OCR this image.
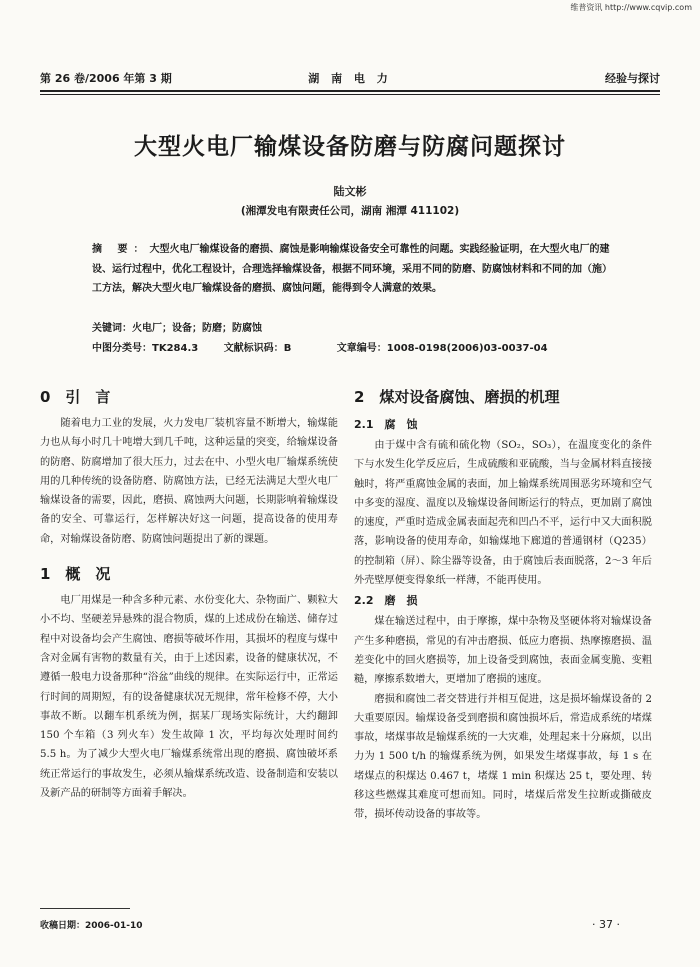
维普资讯 http://www.cqvip.com
第 26 卷/2006 年第 3 期	湖 南 电 力	经验与探讨
大型火电厂输煤设备防磨与防腐问题探讨
陆文彬
(湘潭发电有限责任公司，湖南 湘潭 411102)
摘 要：大型火电厂输煤设备的磨损、腐蚀是影响输煤设备安全可靠性的问题。实践经验证明，在大型火电厂的建设、运行过程中，优化工程设计，合理选择输煤设备，根据不同环境，采用不同的防磨、防腐蚀材料和不同的加（施）工方法，解决大型火电厂输煤设备的磨损、腐蚀问题，能得到令人满意的效果。
关键词：火电厂；设备；防磨；防腐蚀
中图分类号：TK284.3	文献标识码：B	文章编号：1008-0198(2006)03-0037-04
0　引　言

随着电力工业的发展，火力发电厂装机容量不断增大，输煤能力也从每小时几十吨增大到几千吨，这种运量的突变，给输煤设备的防磨、防腐增加了很大压力，过去在中、小型火电厂输煤系统使用的几种传统的设备防磨、防腐蚀方法，已经无法满足大型火电厂输煤设备的需要，因此，磨损、腐蚀两大问题，长期影响着输煤设备的安全、可靠运行，怎样解决好这一问题，提高设备的使用寿命，对输煤设备防磨、防腐蚀问题提出了新的课题。

1　概　况

电厂用煤是一种含多种元素、水份变化大、杂物面广、颗粒大小不均、坚硬差异悬殊的混合物质，煤的上述成份在输送、储存过程中对设备均会产生腐蚀、磨损等破坏作用，其损坏的程度与煤中含对金属有害物的数量有关，由于上述因素，设备的健康状况，不遵循一般电力设备那种“浴盆”曲线的规律。在实际运行中，正常运行时间的周期短，有的设备健康状况无规律，常年检修不停，大小事故不断。以翻车机系统为例，据某厂现场实际统计，大约翻卸 150 个车箱（3 列火车）发生故障 1 次，平均每次处理时间约 5.5 h。为了减少大型火电厂输煤系统常出现的磨损、腐蚀破坏系统正常运行的事故发生，必须从输煤系统改造、设备制造和安装以及新产品的研制等方面着手解决。

2　煤对设备腐蚀、磨损的机理
2.1　腐　蚀

由于煤中含有硫和硫化物（SO₂，SO₃），在温度变化的条件下与水发生化学反应后，生成硫酸和亚硫酸，当与金属材料直接接触时，将严重腐蚀金属的表面，加上输煤系统周围恶劣环境和空气中多变的湿度、温度以及输煤设备间断运行的特点，更加剧了腐蚀的速度，严重时造成金属表面起壳和凹凸不平，运行中又大面积脱落，影响设备的使用寿命，如输煤地下廊道的普通钢材（Q235）的控制箱（屏）、除尘器等设备，由于腐蚀后表面脱落，2～3 年后外壳壁厚便变得象纸一样薄，不能再使用。

2.2　磨　损

煤在输送过程中，由于摩擦，煤中杂物及坚硬体将对输煤设备产生多种磨损，常见的有冲击磨损、低应力磨损、热摩擦磨损、温差变化中的回火磨损等，加上设备受到腐蚀，表面金属变脆、变粗糙，摩擦系数增大，更增加了磨损的速度。

磨损和腐蚀二者交替进行并相互促进，这是损坏输煤设备的 2 大重要原因。输煤设备受到磨损和腐蚀损坏后，常造成系统的堵煤事故，堵煤事故是输煤系统的一大灾难，处理起来十分麻烦，以出力为 1 500 t/h 的输煤系统为例，如果发生堵煤事故，每 1 s 在堵煤点的积煤达 0.467 t，堵煤 1 min 积煤达 25 t，要处理、转移这些燃煤其难度可想而知。同时，堵煤后常发生拉断或撕破皮带，损坏传动设备的事故等。

收稿日期：2006-01-10	· 37 ·
